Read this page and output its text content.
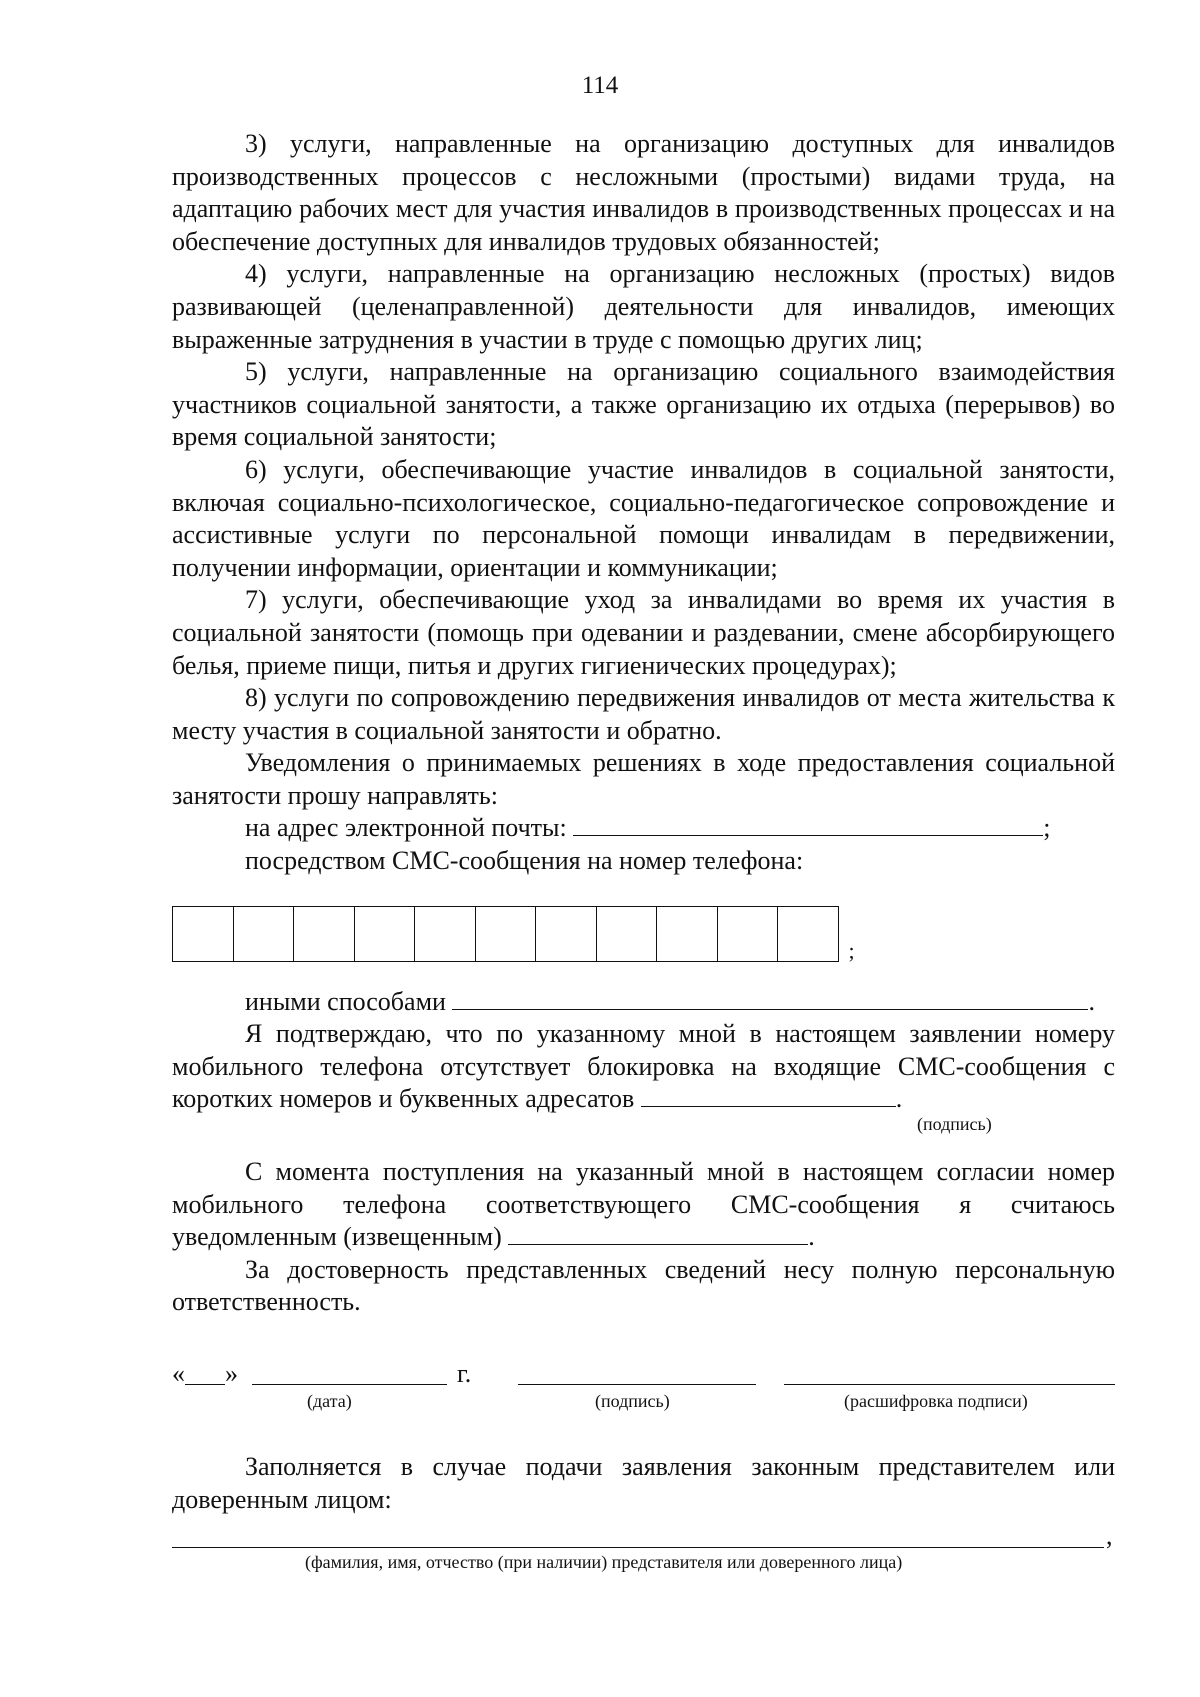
114

3) услуги, направленные на организацию доступных для инвалидов производственных процессов с несложными (простыми) видами труда, на адаптацию рабочих мест для участия инвалидов в производственных процессах и на обеспечение доступных для инвалидов трудовых обязанностей;

4) услуги, направленные на организацию несложных (простых) видов развивающей (целенаправленной) деятельности для инвалидов, имеющих выраженные затруднения в участии в труде с помощью других лиц;

5) услуги, направленные на организацию социального взаимодействия участников социальной занятости, а также организацию их отдыха (перерывов) во время социальной занятости;

6) услуги, обеспечивающие участие инвалидов в социальной занятости, включая социально-психологическое, социально-педагогическое сопровождение и ассистивные услуги по персональной помощи инвалидам в передвижении, получении информации, ориентации и коммуникации;

7) услуги, обеспечивающие уход за инвалидами во время их участия в социальной занятости (помощь при одевании и раздевании, смене абсорбирующего белья, приеме пищи, питья и других гигиенических процедурах);

8) услуги по сопровождению передвижения инвалидов от места жительства к месту участия в социальной занятости и обратно.

Уведомления о принимаемых решениях в ходе предоставления социальной занятости прошу направлять:

на адрес электронной почты:	;

посредством СМС-сообщения на номер телефона:

;

иными способами	.

Я подтверждаю, что по указанному мной в настоящем заявлении номеру мобильного телефона отсутствует блокировка на входящие СМС-сообщения с коротких номеров и буквенных адресатов	.

(подпись)

С момента поступления на указанный мной в настоящем согласии номер мобильного телефона соответствующего СМС-сообщения я считаюсь уведомленным (извещенным)	.

За достоверность представленных сведений несу полную персональную ответственность.

« »	г.
(дата)	(подпись)	(расшифровка подписи)

Заполняется в случае подачи заявления законным представителем или доверенным лицом:

,
(фамилия, имя, отчество (при наличии) представителя или доверенного лица)
